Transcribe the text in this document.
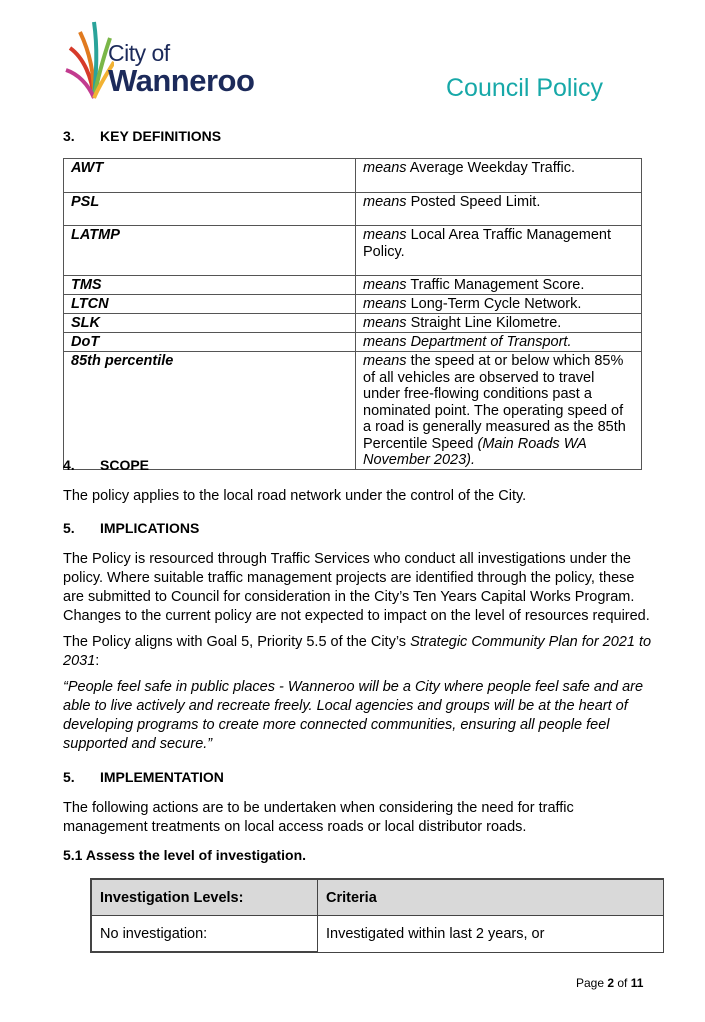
City of
Wanneroo	Council Policy
3. KEY DEFINITIONS
AWT	means Average Weekday Traffic.
PSL	means Posted Speed Limit.
LATMP	means Local Area Traffic Management Policy.
TMS	means Traffic Management Score.
LTCN	means Long-Term Cycle Network.
SLK	means Straight Line Kilometre.
DoT	means Department of Transport.
85th percentile	means the speed at or below which 85% of all vehicles are observed to travel under free-flowing conditions past a nominated point. The operating speed of a road is generally measured as the 85th Percentile Speed (Main Roads WA November 2023).
4. SCOPE

The policy applies to the local road network under the control of the City.

5. IMPLICATIONS

The Policy is resourced through Traffic Services who conduct all investigations under the policy. Where suitable traffic management projects are identified through the policy, these are submitted to Council for consideration in the City’s Ten Years Capital Works Program. Changes to the current policy are not expected to impact on the level of resources required.

The Policy aligns with Goal 5, Priority 5.5 of the City’s Strategic Community Plan for 2021 to 2031:

“People feel safe in public places - Wanneroo will be a City where people feel safe and are able to live actively and recreate freely. Local agencies and groups will be at the heart of developing programs to create more connected communities, ensuring all people feel supported and secure.”

5. IMPLEMENTATION

The following actions are to be undertaken when considering the need for traffic management treatments on local access roads or local distributor roads.

5.1 Assess the level of investigation.
Investigation Levels:	Criteria
No investigation:	Investigated within last 2 years, or
Page 2 of 11
